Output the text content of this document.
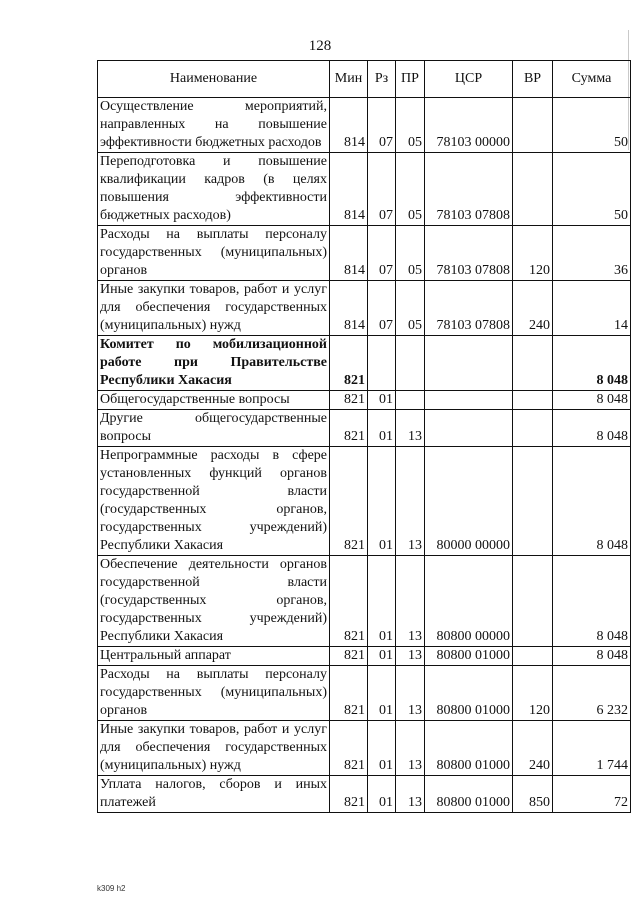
128
Наименование	Мин	Рз	ПР	ЦСР	ВР	Сумма
Осуществление мероприятий, направленных на повышение эффективности бюджетных расходов	814	07	05	78103 00000		50
Переподготовка и повышение квалификации кадров (в целях повышения эффективности бюджетных расходов)	814	07	05	78103 07808		50
Расходы на выплаты персоналу государственных (муниципальных) органов	814	07	05	78103 07808	120	36
Иные закупки товаров, работ и услуг для обеспечения государственных (муниципальных) нужд	814	07	05	78103 07808	240	14
Комитет по мобилизационной работе при Правительстве Республики Хакасия	821					8 048
Общегосударственные вопросы	821	01				8 048
Другие общегосударственные вопросы	821	01	13			8 048
Непрограммные расходы в сфере установленных функций органов государственной власти (государственных органов, государственных учреждений) Республики Хакасия	821	01	13	80000 00000		8 048
Обеспечение деятельности органов государственной власти (государственных органов, государственных учреждений) Республики Хакасия	821	01	13	80800 00000		8 048
Центральный аппарат	821	01	13	80800 01000		8 048
Расходы на выплаты персоналу государственных (муниципальных) органов	821	01	13	80800 01000	120	6 232
Иные закупки товаров, работ и услуг для обеспечения государственных (муниципальных) нужд	821	01	13	80800 01000	240	1 744
Уплата налогов, сборов и иных платежей	821	01	13	80800 01000	850	72
k309 h2
